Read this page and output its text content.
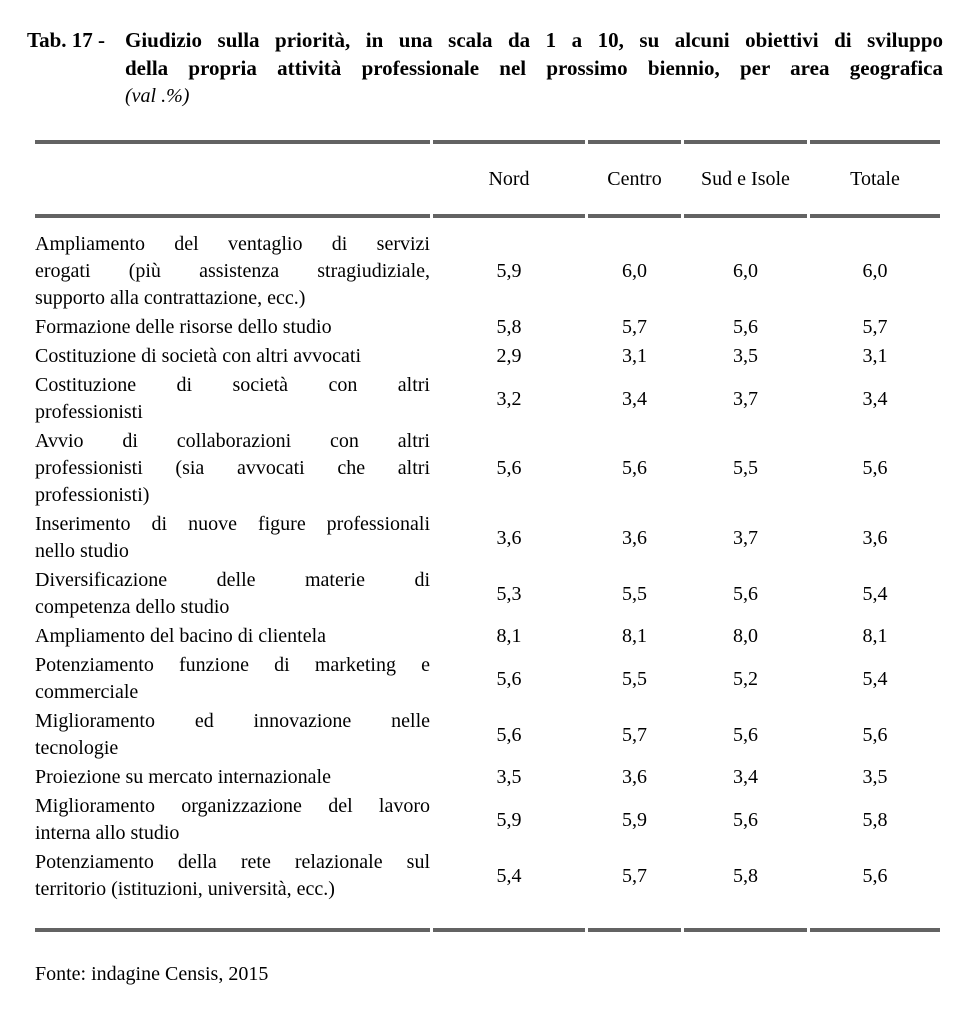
Tab. 17 - Giudizio sulla priorità, in una scala da 1 a 10, su alcuni obiettivi di sviluppo
della propria attività professionale nel prossimo biennio, per area geografica
(val .%)
	Nord	Centro	Sud e Isole	Totale

Ampliamento del ventaglio di servizi
erogati (più assistenza stragiudiziale,
supporto alla contrattazione, ecc.)	5,9	6,0	6,0	6,0

Formazione delle risorse dello studio	5,8	5,7	5,6	5,7

Costituzione di società con altri avvocati	2,9	3,1	3,5	3,1

Costituzione di società con altri
professionisti	3,2	3,4	3,7	3,4

Avvio di collaborazioni con altri
professionisti (sia avvocati che altri
professionisti)	5,6	5,6	5,5	5,6

Inserimento di nuove figure professionali
nello studio	3,6	3,6	3,7	3,6

Diversificazione delle materie di
competenza dello studio	5,3	5,5	5,6	5,4

Ampliamento del bacino di clientela	8,1	8,1	8,0	8,1

Potenziamento funzione di marketing e
commerciale	5,6	5,5	5,2	5,4

Miglioramento ed innovazione nelle
tecnologie	5,6	5,7	5,6	5,6

Proiezione su mercato internazionale	3,5	3,6	3,4	3,5

Miglioramento organizzazione del lavoro
interna allo studio	5,9	5,9	5,6	5,8

Potenziamento della rete relazionale sul
territorio (istituzioni, università, ecc.)	5,4	5,7	5,8	5,6
Fonte: indagine Censis, 2015
